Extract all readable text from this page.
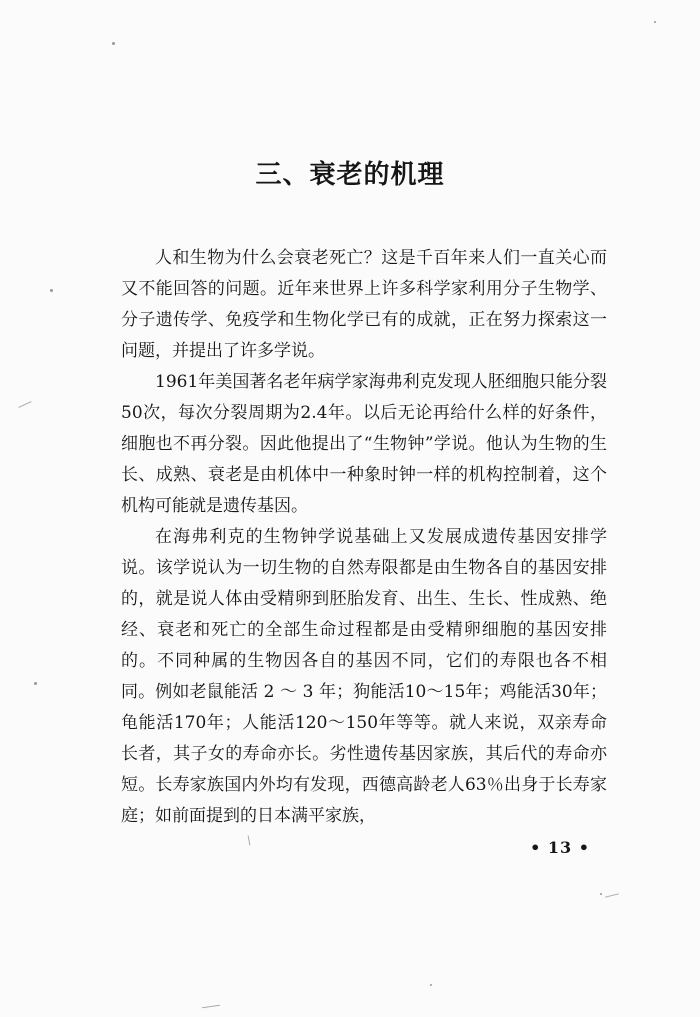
三、衰老的机理

人和生物为什么会衰老死亡？这是千百年来人们一直关心而又不能回答的问题。近年来世界上许多科学家利用分子生物学、分子遗传学、免疫学和生物化学已有的成就，正在努力探索这一问题，并提出了许多学说。

1961年美国著名老年病学家海弗利克发现人胚细胞只能分裂50次，每次分裂周期为2.4年。以后无论再给什么样的好条件，细胞也不再分裂。因此他提出了“生物钟”学说。他认为生物的生长、成熟、衰老是由机体中一种象时钟一样的机构控制着，这个机构可能就是遗传基因。

在海弗利克的生物钟学说基础上又发展成遗传基因安排学说。该学说认为一切生物的自然寿限都是由生物各自的基因安排的，就是说人体由受精卵到胚胎发育、出生、生长、性成熟、绝经、衰老和死亡的全部生命过程都是由受精卵细胞的基因安排的。不同种属的生物因各自的基因不同，它们的寿限也各不相同。例如老鼠能活 2 ～ 3 年；狗能活10～15年；鸡能活30年；龟能活170年；人能活120～150年等等。就人来说，双亲寿命长者，其子女的寿命亦长。劣性遗传基因家族，其后代的寿命亦短。长寿家族国内外均有发现，西德高龄老人63％出身于长寿家庭；如前面提到的日本满平家族，

• 13 •
